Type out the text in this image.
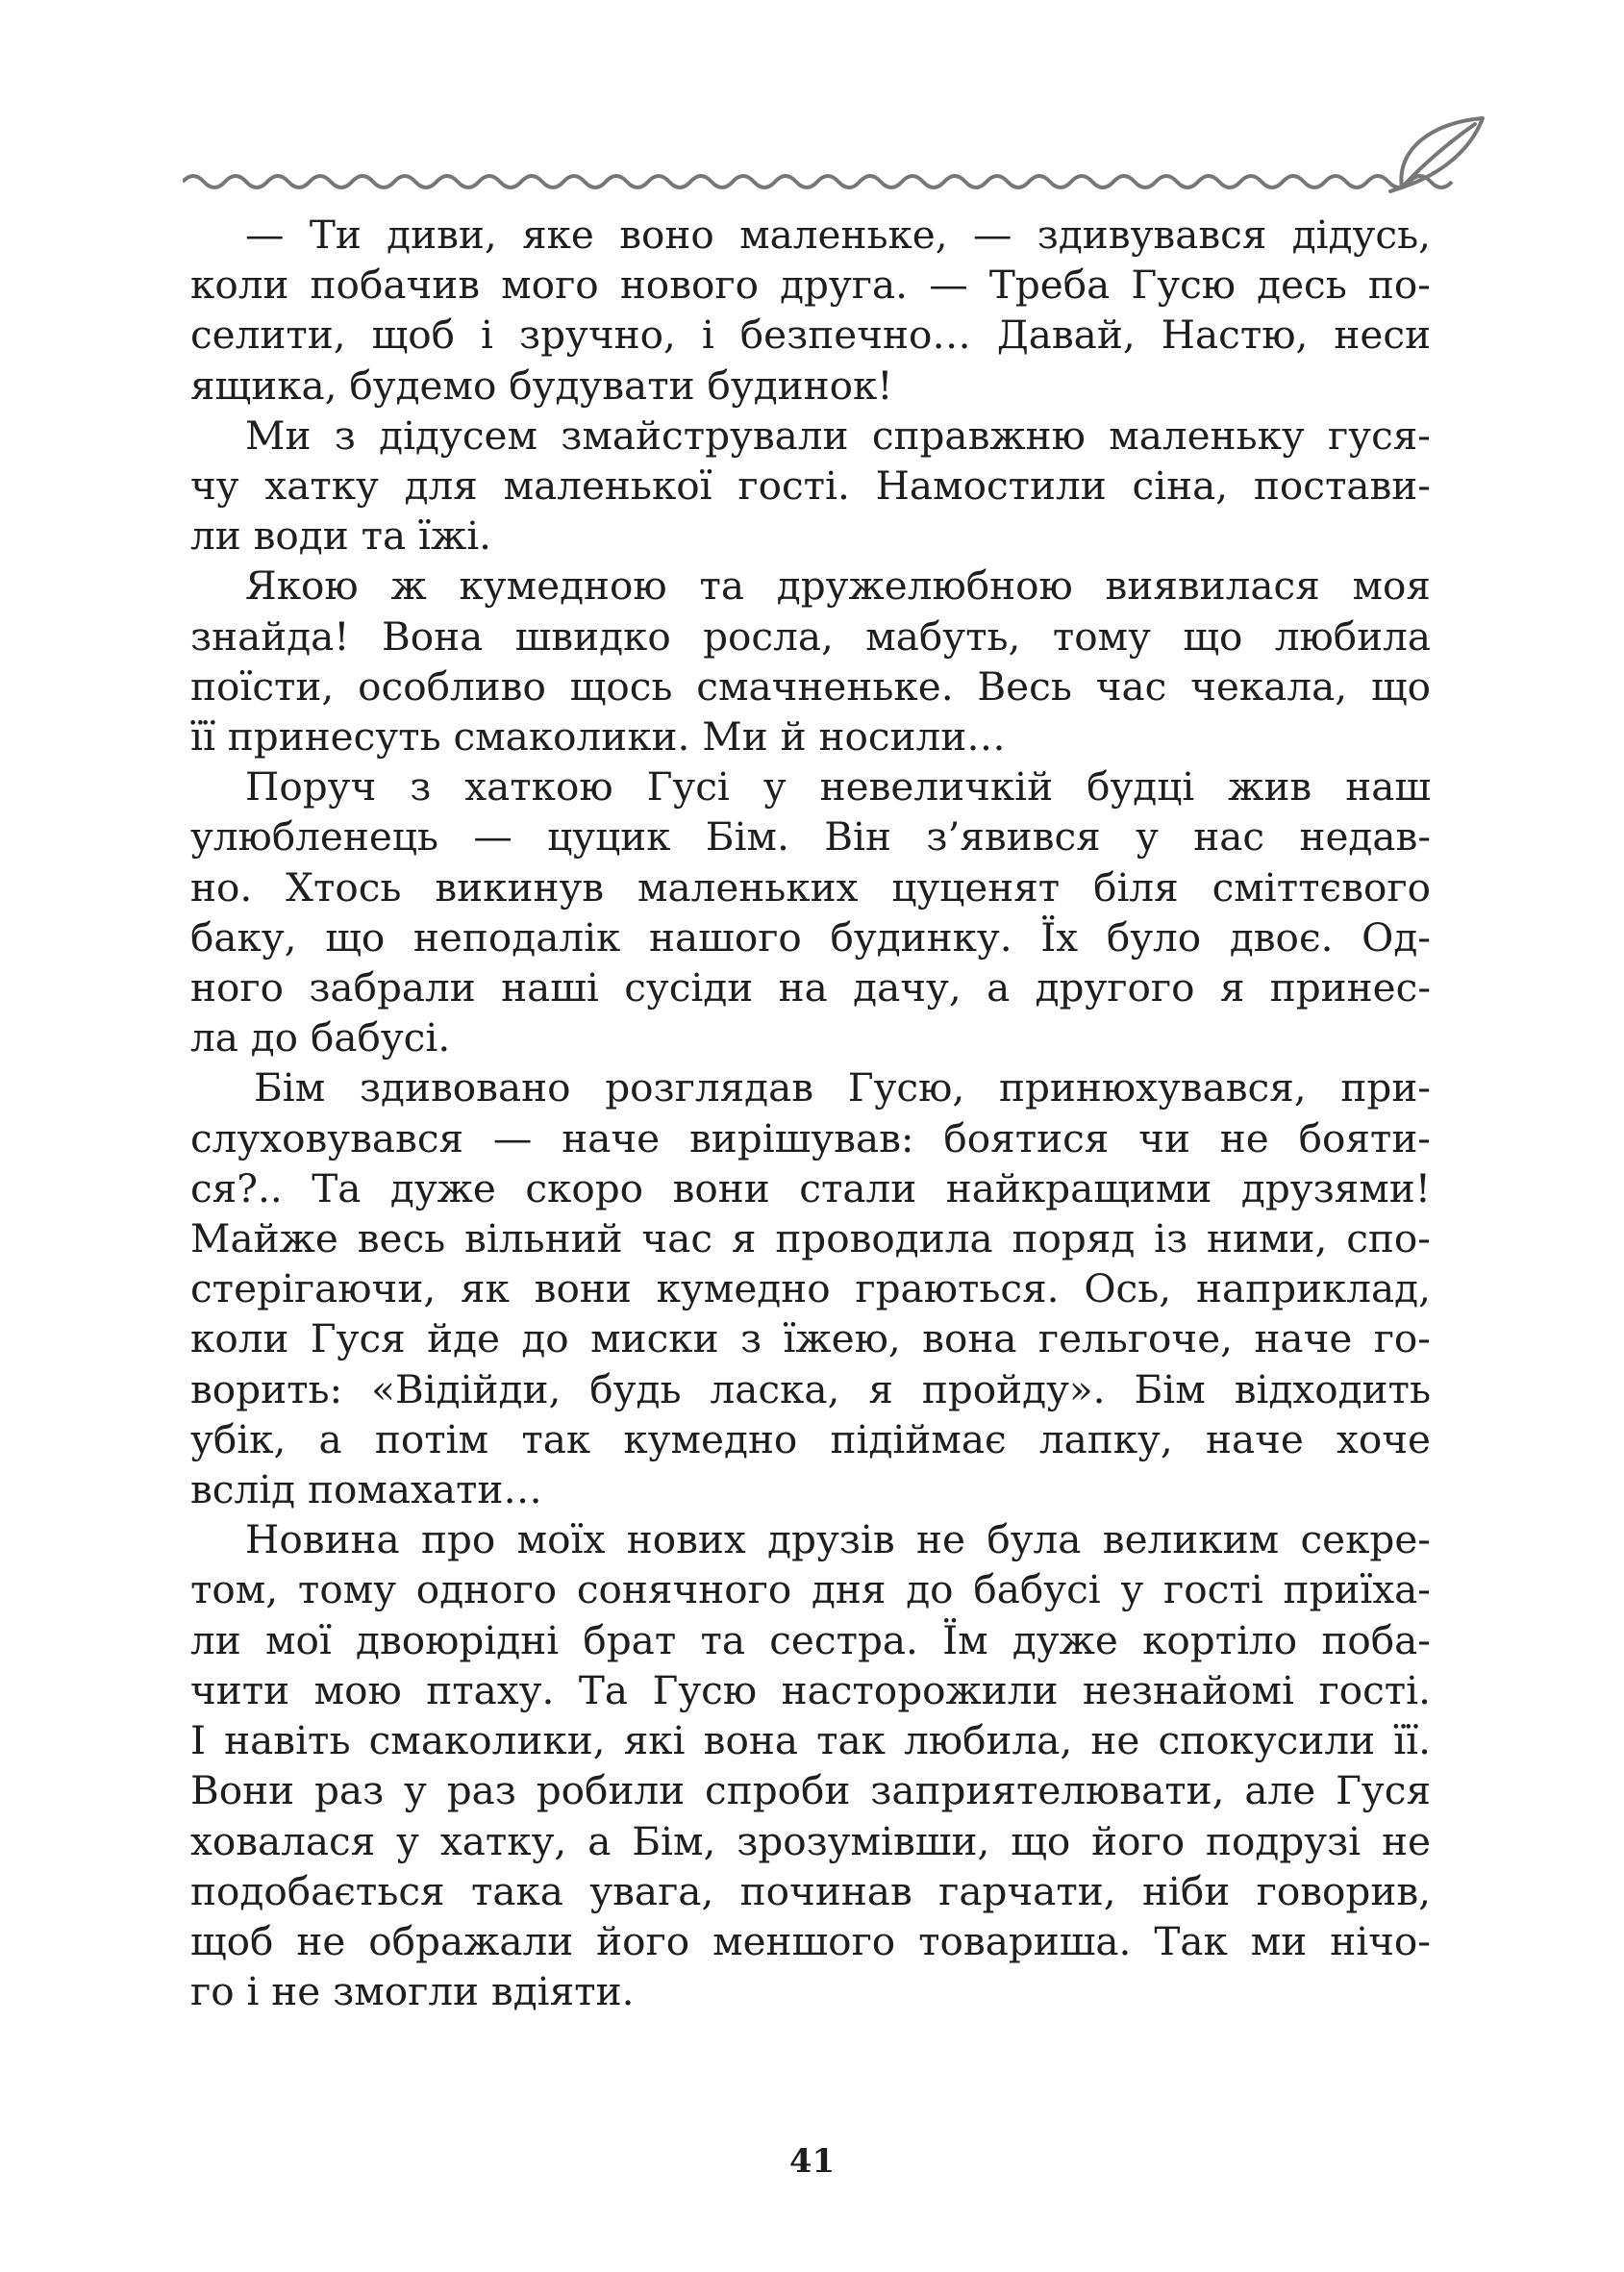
— Ти диви, яке воно маленьке, — здивувався дідусь,
коли побачив мого нового друга. — Треба Гусю десь по-
селити, щоб і зручно, і безпечно… Давай, Настю, неси
ящика, будемо будувати будинок!
Ми з дідусем змайстрували справжню маленьку гуся-
чу хатку для маленької гості. Намостили сіна, постави-
ли води та їжі.
Якою ж кумедною та дружелюбною виявилася моя
знайда! Вона швидко росла, мабуть, тому що любила
поїсти, особливо щось смачненьке. Весь час чекала, що
її принесуть смаколики. Ми й носили…
Поруч з хаткою Гусі у невеличкій будці жив наш
улюбленець — цуцик Бім. Він з’явився у нас недав-
но. Хтось викинув маленьких цуценят біля сміттєвого
баку, що неподалік нашого будинку. Їх було двоє. Од-
ного забрали наші сусіди на дачу, а другого я принес-
ла до бабусі.
Бім здивовано розглядав Гусю, принюхувався, при-
слуховувався — наче вирішував: боятися чи не бояти-
ся?.. Та дуже скоро вони стали найкращими друзями!
Майже весь вільний час я проводила поряд із ними, спо-
стерігаючи, як вони кумедно граються. Ось, наприклад,
коли Гуся йде до миски з їжею, вона гельгоче, наче го-
ворить: «Відійди, будь ласка, я пройду». Бім відходить
убік, а потім так кумедно підіймає лапку, наче хоче
вслід помахати…
Новина про моїх нових друзів не була великим секре-
том, тому одного сонячного дня до бабусі у гості приїха-
ли мої двоюрідні брат та сестра. Їм дуже кортіло поба-
чити мою птаху. Та Гусю насторожили незнайомі гості.
І навіть смаколики, які вона так любила, не спокусили її.
Вони раз у раз робили спроби заприятелювати, але Гуся
ховалася у хатку, а Бім, зрозумівши, що його подрузі не
подобається така увага, починав гарчати, ніби говорив,
щоб не ображали його меншого товариша. Так ми нічо-
го і не змогли вдіяти.
41
